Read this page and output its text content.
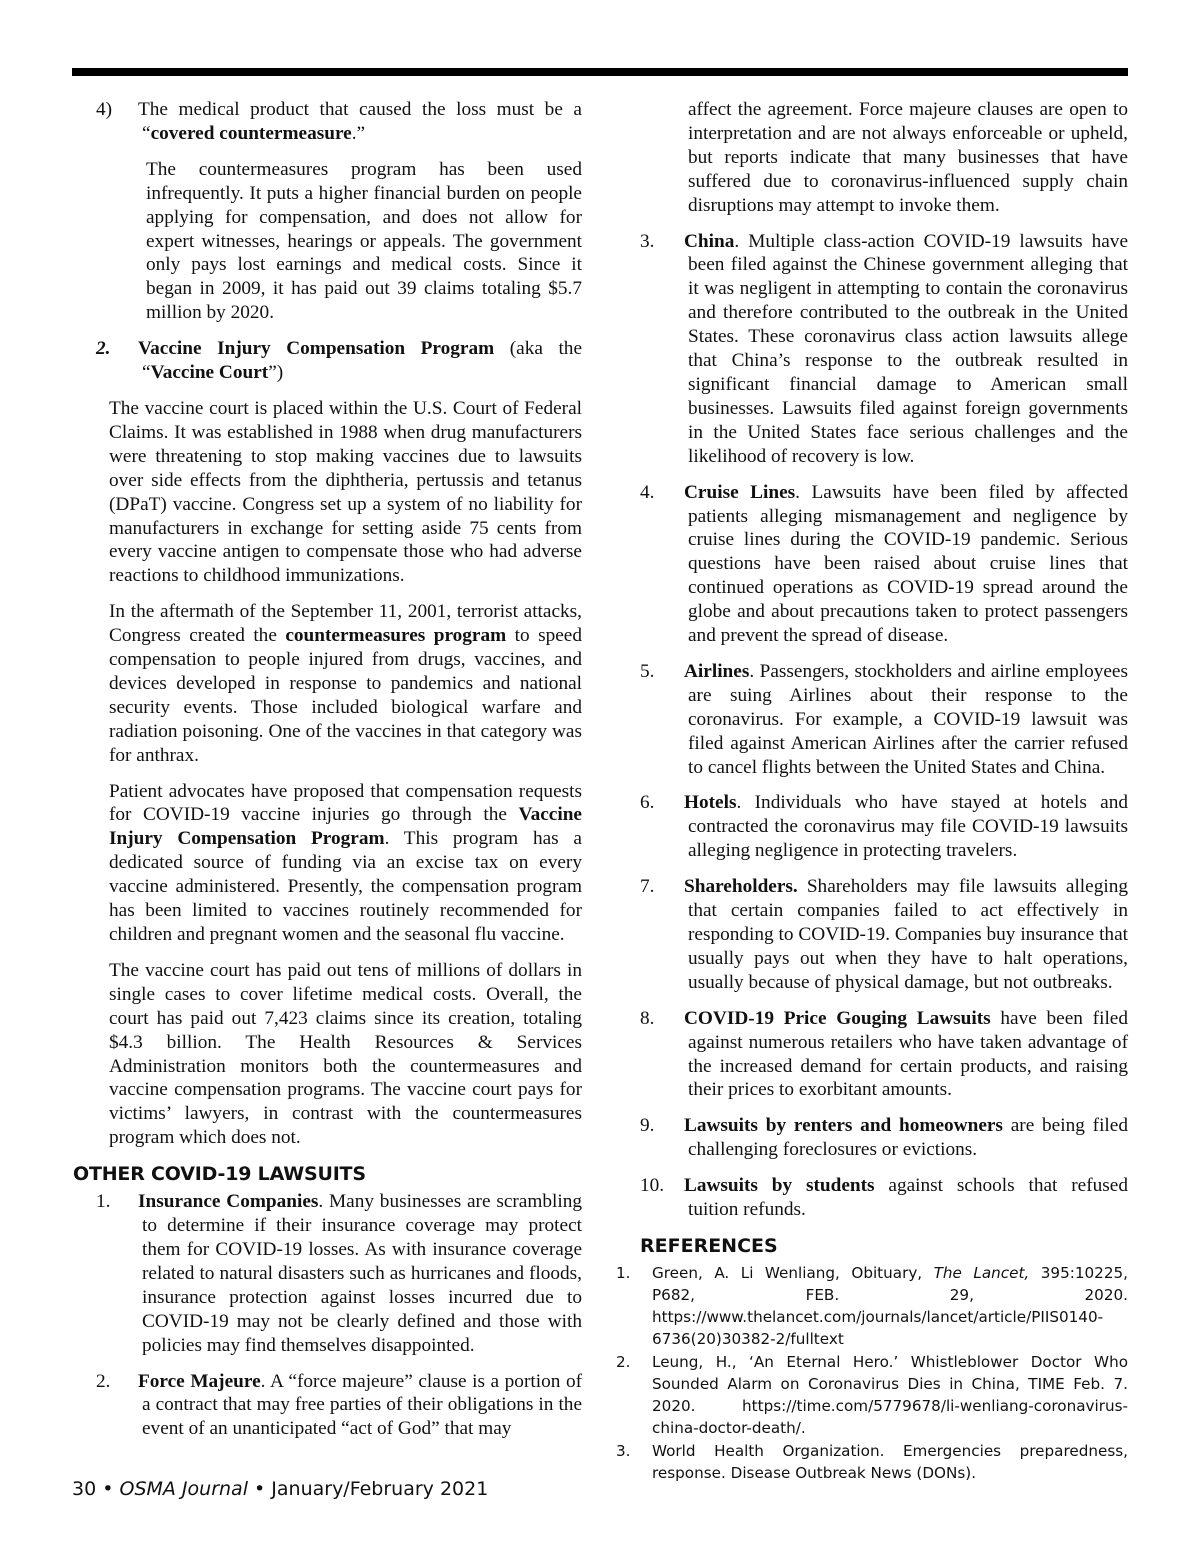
4) The medical product that caused the loss must be a “covered countermeasure.”

The countermeasures program has been used infrequently. It puts a higher financial burden on people applying for compensation, and does not allow for expert witnesses, hearings or appeals. The government only pays lost earnings and medical costs. Since it began in 2009, it has paid out 39 claims totaling $5.7 million by 2020.

2. Vaccine Injury Compensation Program (aka the “Vaccine Court”)

The vaccine court is placed within the U.S. Court of Federal Claims. It was established in 1988 when drug manufacturers were threatening to stop making vaccines due to lawsuits over side effects from the diphtheria, pertussis and tetanus (DPaT) vaccine. Congress set up a system of no liability for manufacturers in exchange for setting aside 75 cents from every vaccine antigen to compensate those who had adverse reactions to childhood immunizations.

In the aftermath of the September 11, 2001, terrorist attacks, Congress created the countermeasures program to speed compensation to people injured from drugs, vaccines, and devices developed in response to pandemics and national security events. Those included biological warfare and radiation poisoning. One of the vaccines in that category was for anthrax.

Patient advocates have proposed that compensation requests for COVID-19 vaccine injuries go through the Vaccine Injury Compensation Program. This program has a dedicated source of funding via an excise tax on every vaccine administered. Presently, the compensation program has been limited to vaccines routinely recommended for children and pregnant women and the seasonal flu vaccine.

The vaccine court has paid out tens of millions of dollars in single cases to cover lifetime medical costs. Overall, the court has paid out 7,423 claims since its creation, totaling $4.3 billion. The Health Resources & Services Administration monitors both the countermeasures and vaccine compensation programs. The vaccine court pays for victims’ lawyers, in contrast with the countermeasures program which does not.

OTHER COVID-19 LAWSUITS
1. Insurance Companies. Many businesses are scrambling to determine if their insurance coverage may protect them for COVID-19 losses. As with insurance coverage related to natural disasters such as hurricanes and floods, insurance protection against losses incurred due to COVID-19 may not be clearly defined and those with policies may find themselves disappointed.

2. Force Majeure. A “force majeure” clause is a portion of a contract that may free parties of their obligations in the event of an unanticipated “act of God” that may

affect the agreement. Force majeure clauses are open to interpretation and are not always enforceable or upheld, but reports indicate that many businesses that have suffered due to coronavirus-influenced supply chain disruptions may attempt to invoke them.

3. China. Multiple class-action COVID-19 lawsuits have been filed against the Chinese government alleging that it was negligent in attempting to contain the coronavirus and therefore contributed to the outbreak in the United States. These coronavirus class action lawsuits allege that China’s response to the outbreak resulted in significant financial damage to American small businesses. Lawsuits filed against foreign governments in the United States face serious challenges and the likelihood of recovery is low.

4. Cruise Lines. Lawsuits have been filed by affected patients alleging mismanagement and negligence by cruise lines during the COVID-19 pandemic. Serious questions have been raised about cruise lines that continued operations as COVID-19 spread around the globe and about precautions taken to protect passengers and prevent the spread of disease.

5. Airlines. Passengers, stockholders and airline employees are suing Airlines about their response to the coronavirus. For example, a COVID-19 lawsuit was filed against American Airlines after the carrier refused to cancel flights between the United States and China.

6. Hotels. Individuals who have stayed at hotels and contracted the coronavirus may file COVID-19 lawsuits alleging negligence in protecting travelers.

7. Shareholders. Shareholders may file lawsuits alleging that certain companies failed to act effectively in responding to COVID-19. Companies buy insurance that usually pays out when they have to halt operations, usually because of physical damage, but not outbreaks.

8. COVID-19 Price Gouging Lawsuits have been filed against numerous retailers who have taken advantage of the increased demand for certain products, and raising their prices to exorbitant amounts.

9. Lawsuits by renters and homeowners are being filed challenging foreclosures or evictions.

10. Lawsuits by students against schools that refused tuition refunds.

REFERENCES
1. Green, A. Li Wenliang, Obituary, The Lancet, 395:10225, P682, FEB. 29, 2020. https://www.thelancet.com/journals/lancet/article/PIIS0140-6736(20)30382-2/fulltext

2. Leung, H., ‘An Eternal Hero.’ Whistleblower Doctor Who Sounded Alarm on Coronavirus Dies in China, TIME Feb. 7. 2020. https://time.com/5779678/li-wenliang-coronavirus-china-doctor-death/.

3. World Health Organization. Emergencies preparedness, response. Disease Outbreak News (DONs).

30 • OSMA Journal • January/February 2021
